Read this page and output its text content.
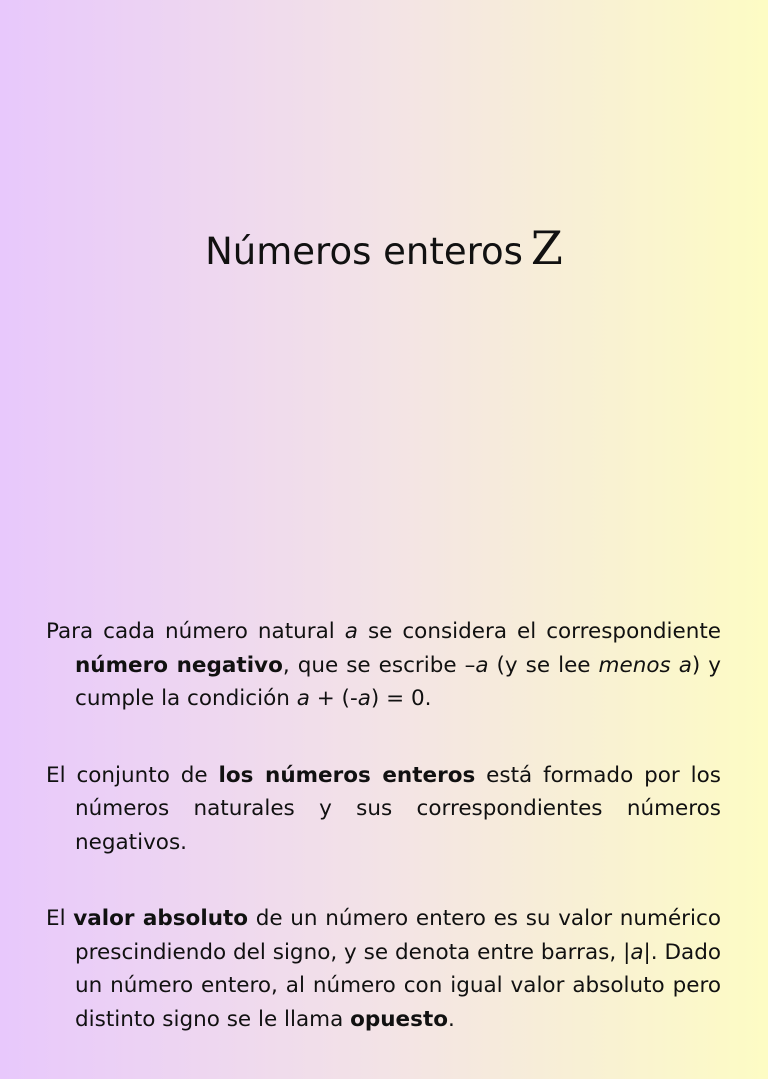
Números enteros Z

Para cada número natural a se considera el correspondiente número negativo, que se escribe –a (y se lee menos a) y cumple la condición a + (-a) = 0.

El conjunto de los números enteros está formado por los números naturales y sus correspondientes números negativos.

El valor absoluto de un número entero es su valor numérico prescindiendo del signo, y se denota entre barras, |a|. Dado un número entero, al número con igual valor absoluto pero distinto signo se le llama opuesto.
